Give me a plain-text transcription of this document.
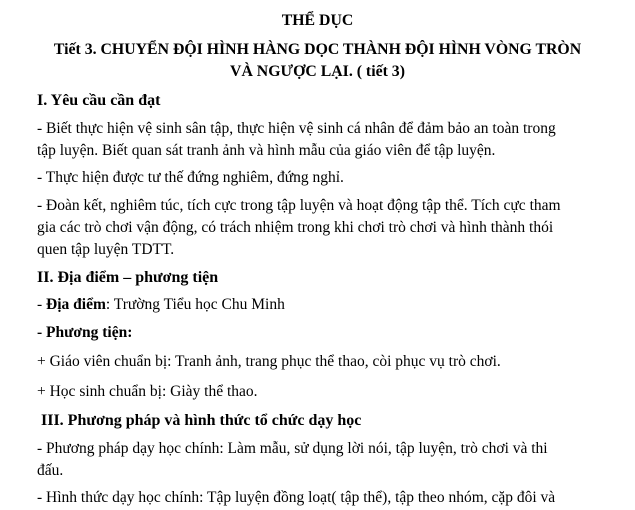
THỂ DỤC
Tiết 3. CHUYỂN ĐỘI HÌNH HÀNG DỌC THÀNH ĐỘI HÌNH VÒNG TRÒN
VÀ NGƯỢC LẠI. ( tiết 3)
I. Yêu cầu cần đạt
- Biết thực hiện vệ sinh sân tập, thực hiện vệ sinh cá nhân để đảm bảo an toàn trong
tập luyện. Biết quan sát tranh ảnh và hình mẫu của giáo viên để tập luyện.
- Thực hiện được tư thế đứng nghiêm, đứng nghỉ.
- Đoàn kết, nghiêm túc, tích cực trong tập luyện và hoạt động tập thể. Tích cực tham
gia các trò chơi vận động, có trách nhiệm trong khi chơi trò chơi và hình thành thói
quen tập luyện TDTT.
II. Địa điểm – phương tiện
- Địa điểm: Trường Tiểu học Chu Minh
- Phương tiện:
+ Giáo viên chuẩn bị: Tranh ảnh, trang phục thể thao, còi phục vụ trò chơi.
+ Học sinh chuẩn bị: Giày thể thao.
III. Phương pháp và hình thức tổ chức dạy học
- Phương pháp dạy học chính: Làm mẫu, sử dụng lời nói, tập luyện, trò chơi và thi
đấu.
- Hình thức dạy học chính: Tập luyện đồng loạt( tập thể), tập theo nhóm, cặp đôi và
